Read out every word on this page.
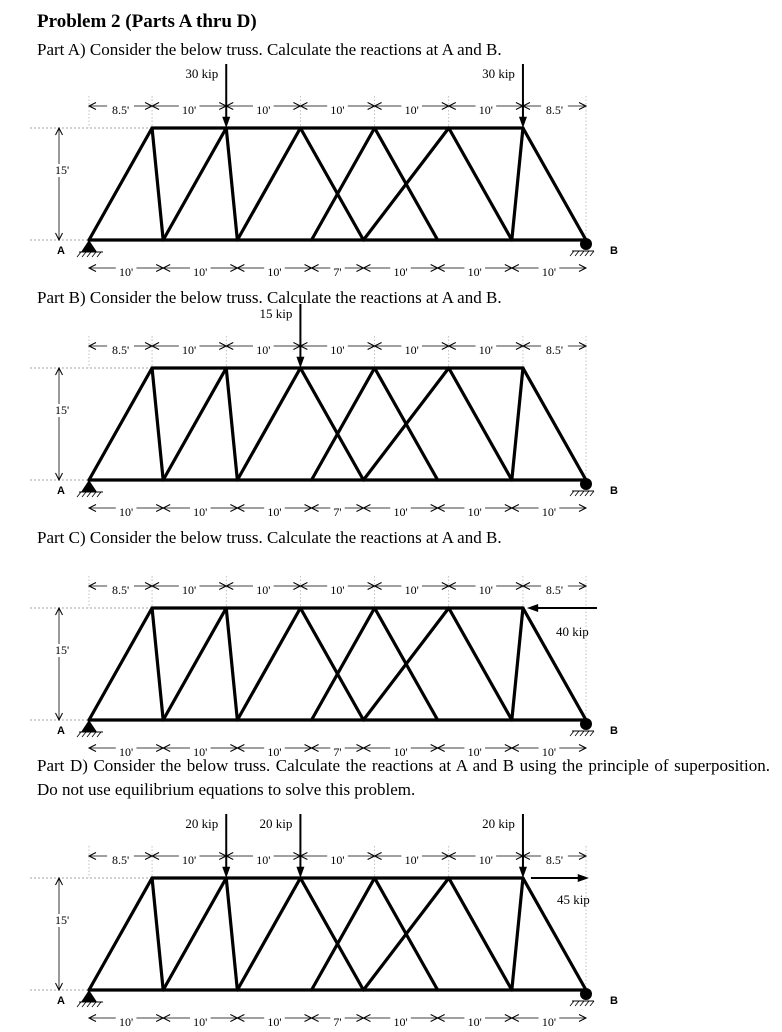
Problem 2 (Parts A thru D)
Part A) Consider the below truss. Calculate the reactions at A and B.
8.5'	10'	10'	10'	10'	10'	8.5'
10'	10'	10'	7'	10'	10'	10'
15'
A	B
30 kip	30 kip
Part B) Consider the below truss. Calculate the reactions at A and B.
8.5'	10'	10'	10'	10'	10'	8.5'
10'	10'	10'	7'	10'	10'	10'
15'
A	B
15 kip
Part C) Consider the below truss. Calculate the reactions at A and B.
8.5'	10'	10'	10'	10'	10'	8.5'
10'	10'	10'	7'	10'	10'	10'
15'
A	B
40 kip
Part D) Consider the below truss. Calculate the reactions at A and B using the principle of superposition. Do not use equilibrium equations to solve this problem.
8.5'	10'	10'	10'	10'	10'	8.5'
10'	10'	10'	7'	10'	10'	10'
15'
A	B
20 kip	20 kip	20 kip
45 kip
